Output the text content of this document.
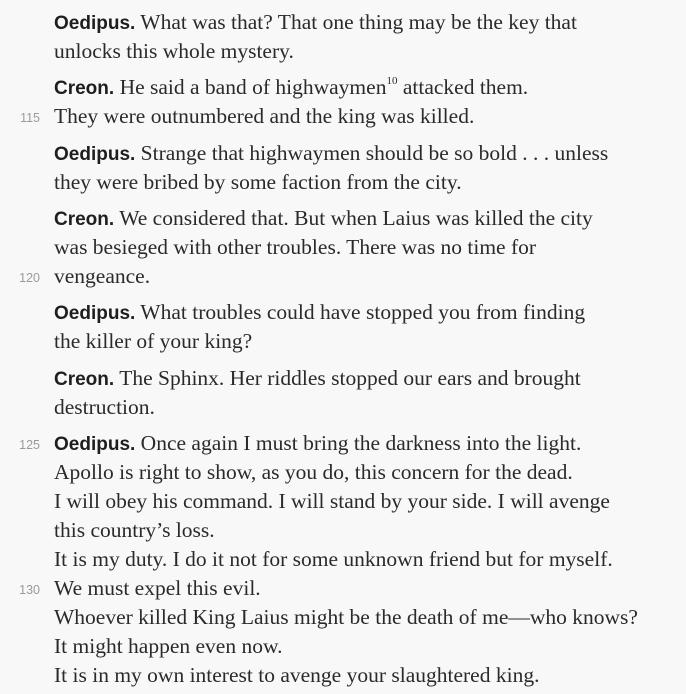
Oedipus. What was that? That one thing may be the key that
unlocks this whole mystery.
Creon. He said a band of highwaymen$^{10}$ attacked them.
115 They were outnumbered and the king was killed.
Oedipus. Strange that highwaymen should be so bold . . . unless
they were bribed by some faction from the city.
Creon. We considered that. But when Laius was killed the city
was besieged with other troubles. There was no time for
120 vengeance.
Oedipus. What troubles could have stopped you from finding
the killer of your king?
Creon. The Sphinx. Her riddles stopped our ears and brought
destruction.
125 Oedipus. Once again I must bring the darkness into the light.
Apollo is right to show, as you do, this concern for the dead.
I will obey his command. I will stand by your side. I will avenge
this country’s loss.
It is my duty. I do it not for some unknown friend but for myself.
130 We must expel this evil.
Whoever killed King Laius might be the death of me—who knows?
It might happen even now.
It is in my own interest to avenge your slaughtered king.
